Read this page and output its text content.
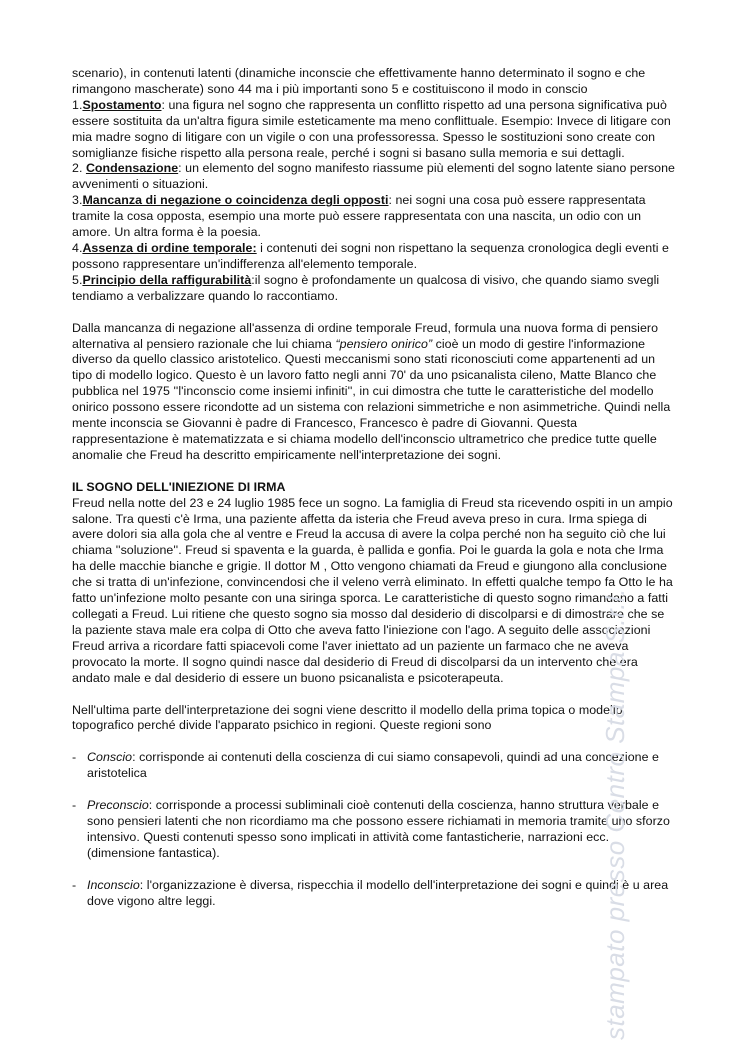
scenario), in contenuti latenti (dinamiche inconscie che effettivamente hanno determinato il sogno e che rimangono mascherate) sono 44 ma i più importanti sono 5 e costituiscono il modo in conscio

1.Spostamento: una figura nel sogno che rappresenta un conflitto rispetto ad una persona significativa può essere sostituita da un'altra figura simile esteticamente ma meno conflittuale. Esempio: Invece di litigare con mia madre sogno di litigare con un vigile o con una professoressa. Spesso le sostituzioni sono create con somiglianze fisiche rispetto alla persona reale, perché i sogni si basano sulla memoria e sui dettagli.

2. Condensazione: un elemento del sogno manifesto riassume più elementi del sogno latente siano persone avvenimenti o situazioni.

3.Mancanza di negazione o coincidenza degli opposti: nei sogni una cosa può essere rappresentata tramite la cosa opposta, esempio una morte può essere rappresentata con una nascita, un odio con un amore. Un altra forma è la poesia.

4.Assenza di ordine temporale: i contenuti dei sogni non rispettano la sequenza cronologica degli eventi e possono rappresentare un'indifferenza all'elemento temporale.

5.Principio della raffigurabilità:il sogno è profondamente un qualcosa di visivo, che quando siamo svegli tendiamo a verbalizzare quando lo raccontiamo.

Dalla mancanza di negazione all'assenza di ordine temporale Freud, formula una nuova forma di pensiero alternativa al pensiero razionale che lui chiama “pensiero onirico” cioè un modo di gestire l'informazione diverso da quello classico aristotelico. Questi meccanismi sono stati riconosciuti come appartenenti ad un tipo di modello logico. Questo è un lavoro fatto negli anni 70' da uno psicanalista cileno, Matte Blanco che pubblica nel 1975 ''l'inconscio come insiemi infiniti'', in cui dimostra che tutte le caratteristiche del modello onirico possono essere ricondotte ad un sistema con relazioni simmetriche e non asimmetriche. Quindi nella mente inconscia se Giovanni è padre di Francesco, Francesco è padre di Giovanni. Questa rappresentazione è matematizzata e si chiama modello dell'inconscio ultrametrico che predice tutte quelle anomalie che Freud ha descritto empiricamente nell'interpretazione dei sogni.

IL SOGNO DELL'INIEZIONE DI IRMA

Freud nella notte del 23 e 24 luglio 1985 fece un sogno. La famiglia di Freud sta ricevendo ospiti in un ampio salone. Tra questi c'è Irma, una paziente affetta da isteria che Freud aveva preso in cura. Irma spiega di avere dolori sia alla gola che al ventre e Freud la accusa di avere la colpa perché non ha seguito ciò che lui chiama ''soluzione''. Freud si spaventa e la guarda, è pallida e gonfia. Poi le guarda la gola e nota che Irma ha delle macchie bianche e grigie. Il dottor M , Otto vengono chiamati da Freud e giungono alla conclusione che si tratta di un'infezione, convincendosi che il veleno verrà eliminato. In effetti qualche tempo fa Otto le ha fatto un'infezione molto pesante con una siringa sporca. Le caratteristiche di questo sogno rimandano a fatti collegati a Freud. Lui ritiene che questo sogno sia mosso dal desiderio di discolparsi e di dimostrare che se la paziente stava male era colpa di Otto che aveva fatto l'iniezione con l'ago. A seguito delle associazioni Freud arriva a ricordare fatti spiacevoli come l'aver iniettato ad un paziente un farmaco che ne aveva provocato la morte. Il sogno quindi nasce dal desiderio di Freud di discolparsi da un intervento che era andato male e dal desiderio di essere un buono psicanalista e psicoterapeuta.

Nell'ultima parte dell'interpretazione dei sogni viene descritto il modello della prima topica o modello topografico perché divide l'apparato psichico in regioni. Queste regioni sono

- Conscio: corrisponde ai contenuti della coscienza di cui siamo consapevoli, quindi ad una concezione e aristotelica

- Preconscio: corrisponde a processi subliminali cioè contenuti della coscienza, hanno struttura verbale e sono pensieri latenti che non ricordiamo ma che possono essere richiamati in memoria tramite uno sforzo intensivo. Questi contenuti spesso sono implicati in attività come fantasticherie, narrazioni ecc. (dimensione fantastica).

- Inconscio: l'organizzazione è diversa, rispecchia il modello dell'interpretazione dei sogni e quindi è u area dove vigono altre leggi.	stampato presso Centro Stampa S.r.l.
